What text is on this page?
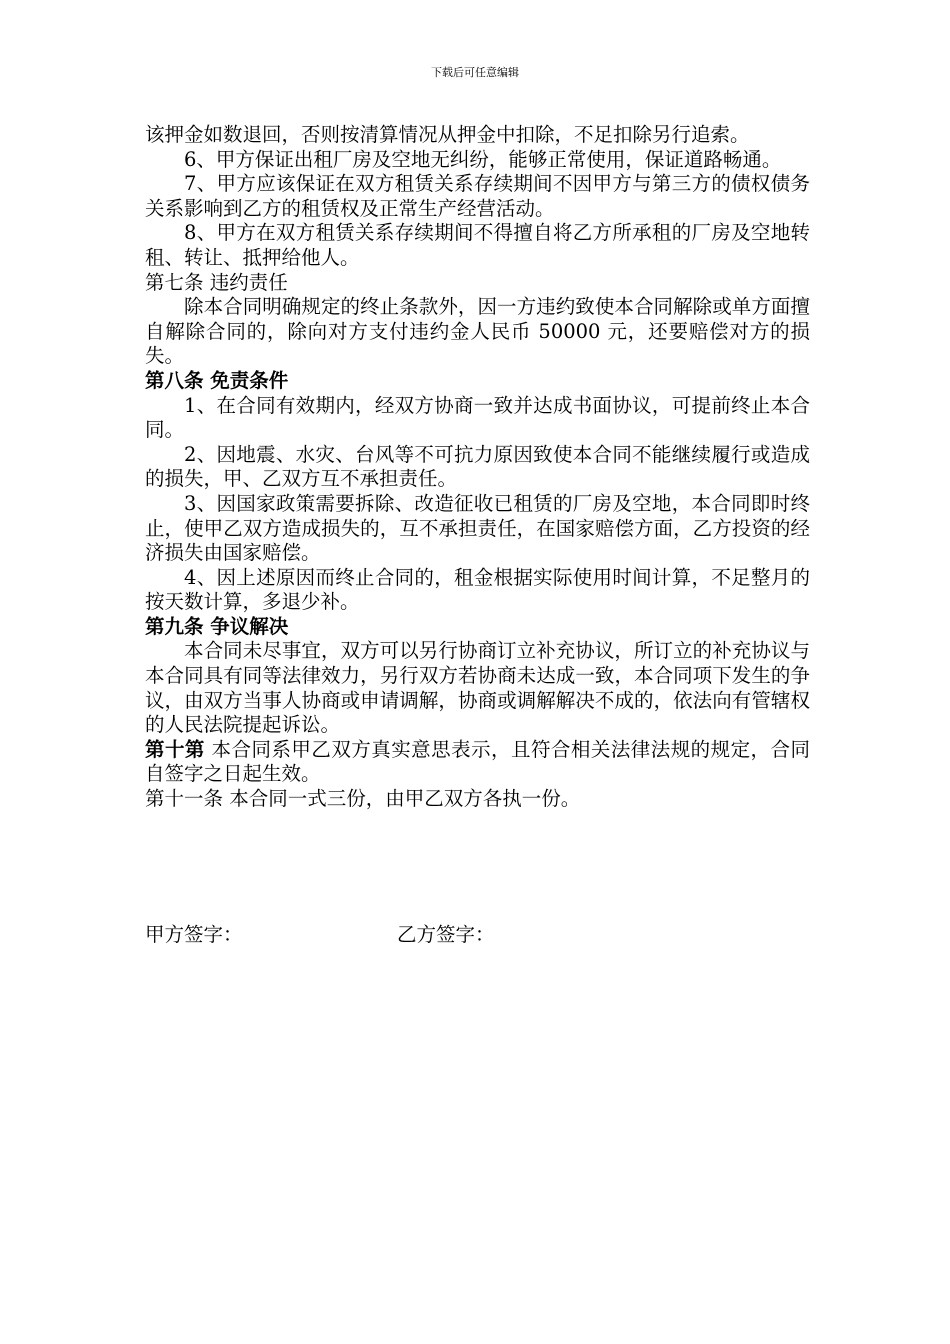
下载后可任意编辑

该押金如数退回，否则按清算情况从押金中扣除，不足扣除另行追索。

6、甲方保证出租厂房及空地无纠纷，能够正常使用，保证道路畅通。

7、甲方应该保证在双方租赁关系存续期间不因甲方与第三方的债权债务关系影响到乙方的租赁权及正常生产经营活动。

8、甲方在双方租赁关系存续期间不得擅自将乙方所承租的厂房及空地转租、转让、抵押给他人。

第七条 违约责任

除本合同明确规定的终止条款外，因一方违约致使本合同解除或单方面擅自解除合同的，除向对方支付违约金人民币 50000 元，还要赔偿对方的损失。

第八条 免责条件

1、在合同有效期内，经双方协商一致并达成书面协议，可提前终止本合同。

2、因地震、水灾、台风等不可抗力原因致使本合同不能继续履行或造成的损失，甲、乙双方互不承担责任。

3、因国家政策需要拆除、改造征收已租赁的厂房及空地，本合同即时终止，使甲乙双方造成损失的，互不承担责任，在国家赔偿方面，乙方投资的经济损失由国家赔偿。

4、因上述原因而终止合同的，租金根据实际使用时间计算，不足整月的按天数计算，多退少补。

第九条 争议解决

本合同未尽事宜，双方可以另行协商订立补充协议，所订立的补充协议与本合同具有同等法律效力，另行双方若协商未达成一致，本合同项下发生的争议，由双方当事人协商或申请调解，协商或调解解决不成的，依法向有管辖权的人民法院提起诉讼。

第十第 本合同系甲乙双方真实意思表示，且符合相关法律法规的规定，合同自签字之日起生效。

第十一条 本合同一式三份，由甲乙双方各执一份。

甲方签字：	乙方签字：
